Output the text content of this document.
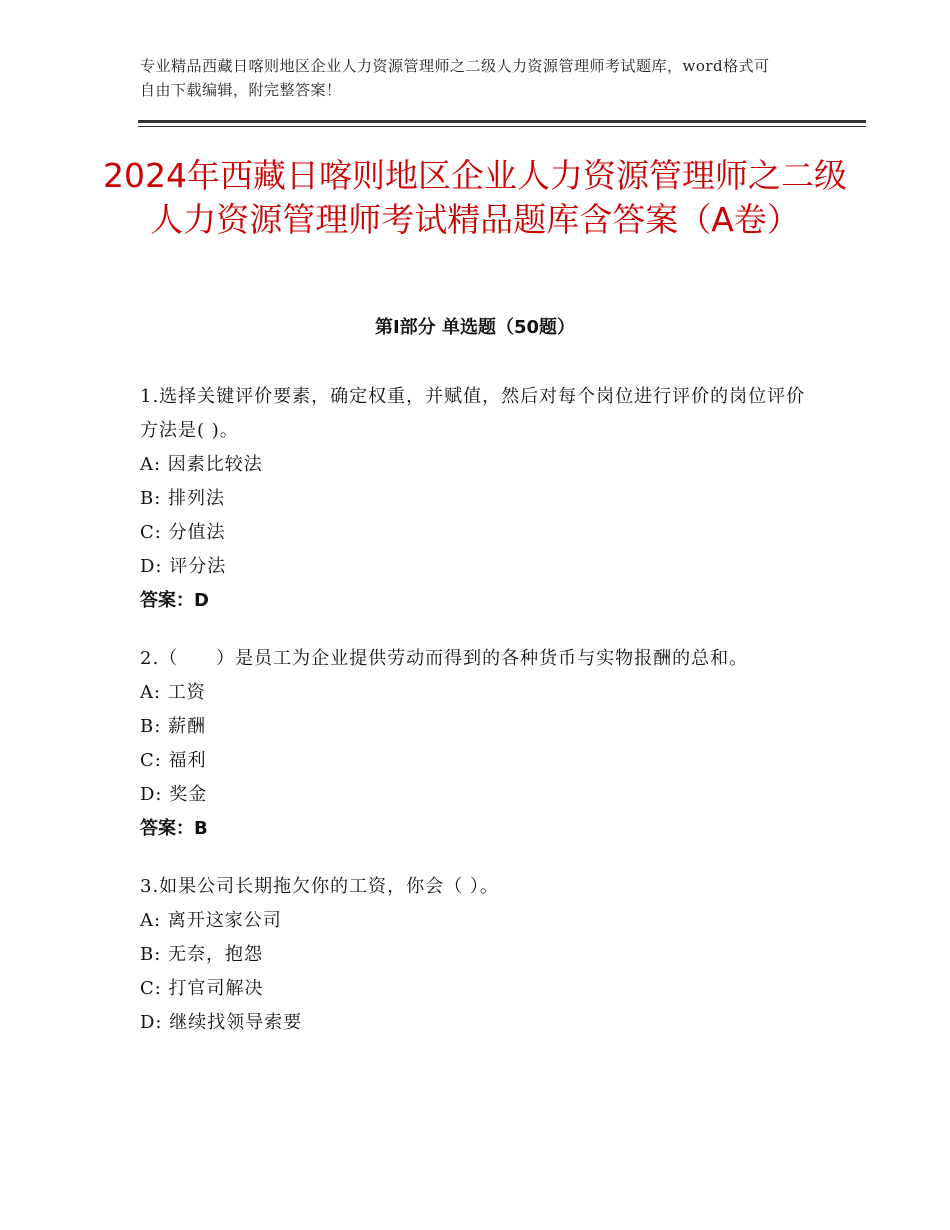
专业精品西藏日喀则地区企业人力资源管理师之二级人力资源管理师考试题库，word格式可自由下载编辑，附完整答案！
2024年西藏日喀则地区企业人力资源管理师之二级人力资源管理师考试精品题库含答案（A卷）
第Ⅰ部分 单选题（50题）
1.选择关键评价要素，确定权重，并赋值，然后对每个岗位进行评价的岗位评价方法是( )。
A: 因素比较法
B: 排列法
C: 分值法
D: 评分法
答案：D
2.（　　）是员工为企业提供劳动而得到的各种货币与实物报酬的总和。
A: 工资
B: 薪酬
C: 福利
D: 奖金
答案：B
3.如果公司长期拖欠你的工资，你会（ ）。
A: 离开这家公司
B: 无奈，抱怨
C: 打官司解决
D: 继续找领导索要
